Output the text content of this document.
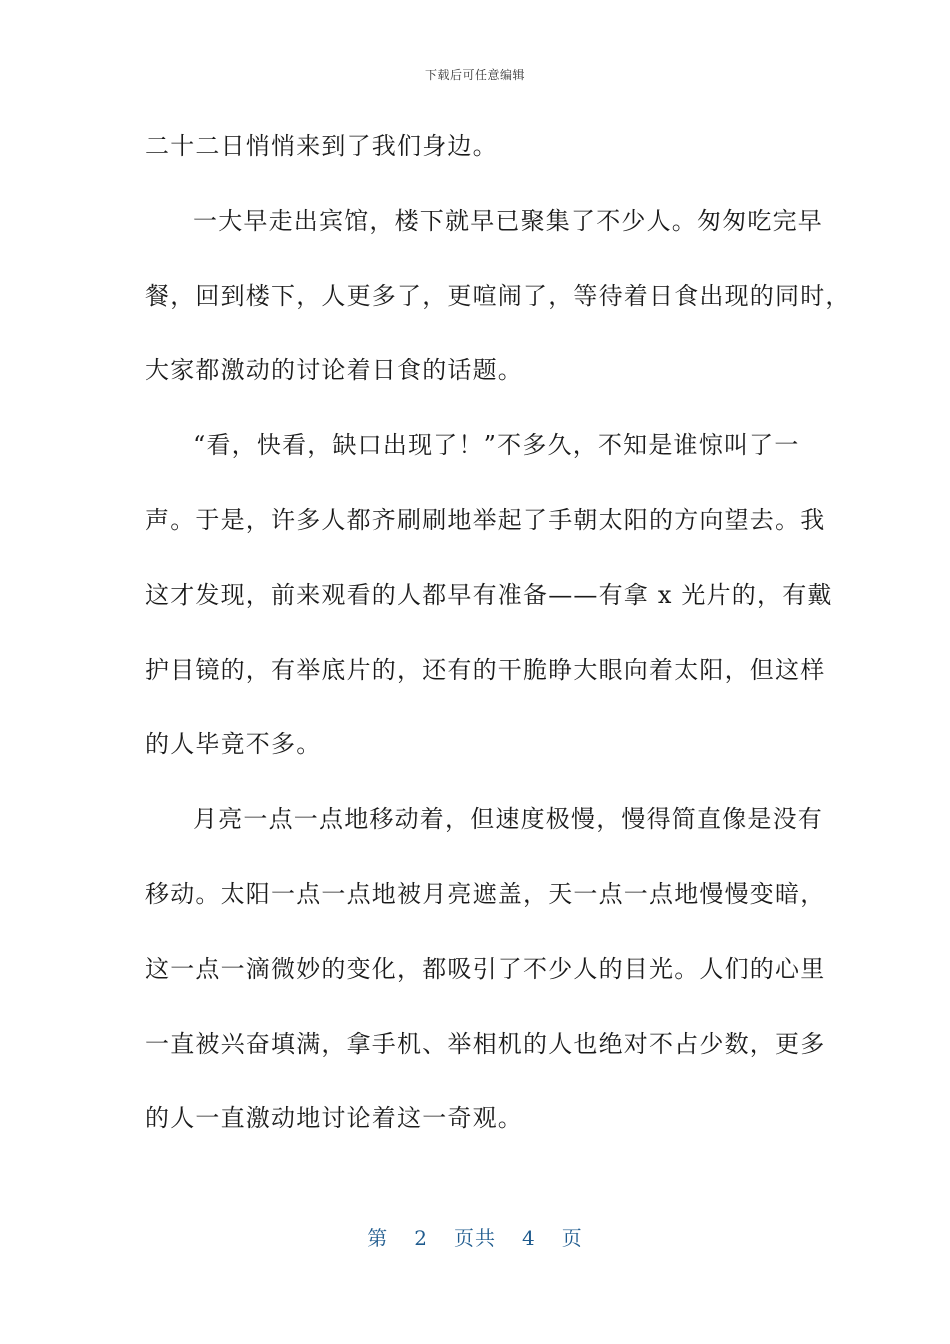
下载后可任意编辑
二十二日悄悄来到了我们身边。
一大早走出宾馆，楼下就早已聚集了不少人。匆匆吃完早
餐，回到楼下，人更多了，更喧闹了，等待着日食出现的同时，
大家都激动的讨论着日食的话题。
“看，快看，缺口出现了！”不多久，不知是谁惊叫了一
声。于是，许多人都齐刷刷地举起了手朝太阳的方向望去。我
这才发现，前来观看的人都早有准备——有拿 x 光片的，有戴
护目镜的，有举底片的，还有的干脆睁大眼向着太阳，但这样
的人毕竟不多。
月亮一点一点地移动着，但速度极慢，慢得简直像是没有
移动。太阳一点一点地被月亮遮盖，天一点一点地慢慢变暗，
这一点一滴微妙的变化，都吸引了不少人的目光。人们的心里
一直被兴奋填满，拿手机、举相机的人也绝对不占少数，更多
的人一直激动地讨论着这一奇观。
第 2 页共 4 页
